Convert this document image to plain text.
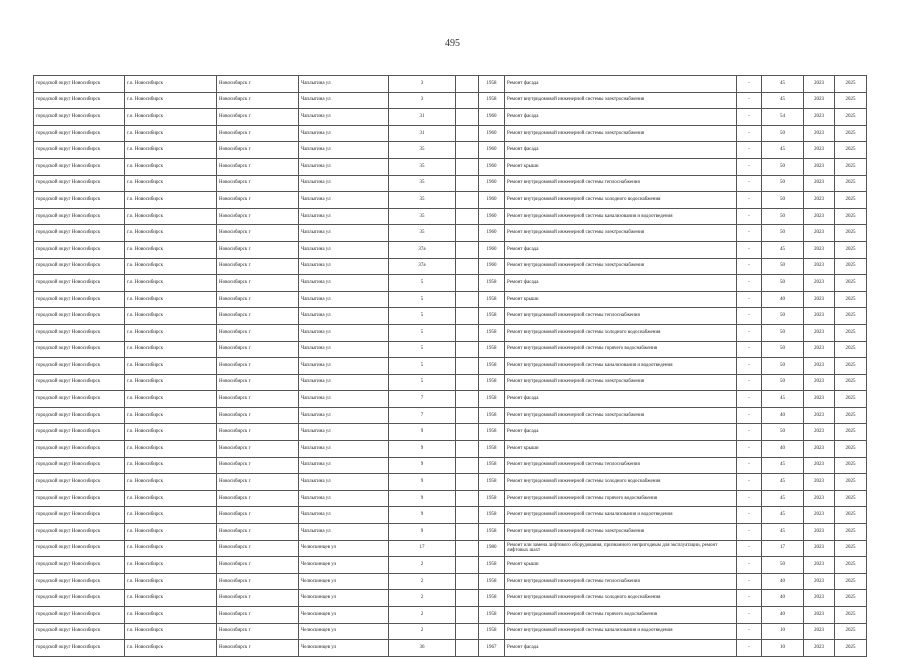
495
городской округ Новосибирск	г.о. Новосибирск	Новосибирск г	Чаплыгина ул	3		1958	Ремонт фасада	-	45	2023	2025
городской округ Новосибирск	г.о. Новосибирск	Новосибирск г	Чаплыгина ул	3		1958	Ремонт внутридомовой инженерной системы электроснабжения	-	45	2023	2025
городской округ Новосибирск	г.о. Новосибирск	Новосибирск г	Чаплыгина ул	31		1960	Ремонт фасада	-	54	2023	2025
городской округ Новосибирск	г.о. Новосибирск	Новосибирск г	Чаплыгина ул	31		1960	Ремонт внутридомовой инженерной системы электроснабжения	-	50	2023	2025
городской округ Новосибирск	г.о. Новосибирск	Новосибирск г	Чаплыгина ул	35		1960	Ремонт фасада	-	45	2023	2025
городской округ Новосибирск	г.о. Новосибирск	Новосибирск г	Чаплыгина ул	35		1960	Ремонт крыши	-	50	2023	2025
городской округ Новосибирск	г.о. Новосибирск	Новосибирск г	Чаплыгина ул	35		1960	Ремонт внутридомовой инженерной системы теплоснабжения	-	50	2023	2025
городской округ Новосибирск	г.о. Новосибирск	Новосибирск г	Чаплыгина ул	35		1960	Ремонт внутридомовой инженерной системы холодного водоснабжения	-	50	2023	2025
городской округ Новосибирск	г.о. Новосибирск	Новосибирск г	Чаплыгина ул	35		1960	Ремонт внутридомовой инженерной системы канализования и водоотведения	-	50	2023	2025
городской округ Новосибирск	г.о. Новосибирск	Новосибирск г	Чаплыгина ул	35		1960	Ремонт внутридомовой инженерной системы электроснабжения	-	50	2023	2025
городской округ Новосибирск	г.о. Новосибирск	Новосибирск г	Чаплыгина ул	37а		1960	Ремонт фасада	-	45	2023	2025
городской округ Новосибирск	г.о. Новосибирск	Новосибирск г	Чаплыгина ул	37а		1960	Ремонт внутридомовой инженерной системы электроснабжения	-	50	2023	2025
городской округ Новосибирск	г.о. Новосибирск	Новосибирск г	Чаплыгина ул	5		1958	Ремонт фасада	-	50	2023	2025
городской округ Новосибирск	г.о. Новосибирск	Новосибирск г	Чаплыгина ул	5		1958	Ремонт крыши	-	40	2023	2025
городской округ Новосибирск	г.о. Новосибирск	Новосибирск г	Чаплыгина ул	5		1958	Ремонт внутридомовой инженерной системы теплоснабжения	-	50	2023	2025
городской округ Новосибирск	г.о. Новосибирск	Новосибирск г	Чаплыгина ул	5		1958	Ремонт внутридомовой инженерной системы холодного водоснабжения	-	50	2023	2025
городской округ Новосибирск	г.о. Новосибирск	Новосибирск г	Чаплыгина ул	5		1958	Ремонт внутридомовой инженерной системы горячего водоснабжения	-	50	2023	2025
городской округ Новосибирск	г.о. Новосибирск	Новосибирск г	Чаплыгина ул	5		1958	Ремонт внутридомовой инженерной системы канализования и водоотведения	-	50	2023	2025
городской округ Новосибирск	г.о. Новосибирск	Новосибирск г	Чаплыгина ул	5		1958	Ремонт внутридомовой инженерной системы электроснабжения	-	50	2023	2025
городской округ Новосибирск	г.о. Новосибирск	Новосибирск г	Чаплыгина ул	7		1958	Ремонт фасада	-	45	2023	2025
городской округ Новосибирск	г.о. Новосибирск	Новосибирск г	Чаплыгина ул	7		1958	Ремонт внутридомовой инженерной системы электроснабжения	-	40	2023	2025
городской округ Новосибирск	г.о. Новосибирск	Новосибирск г	Чаплыгина ул	9		1958	Ремонт фасада	-	50	2023	2025
городской округ Новосибирск	г.о. Новосибирск	Новосибирск г	Чаплыгина ул	9		1958	Ремонт крыши	-	40	2023	2025
городской округ Новосибирск	г.о. Новосибирск	Новосибирск г	Чаплыгина ул	9		1958	Ремонт внутридомовой инженерной системы теплоснабжения	-	45	2023	2025
городской округ Новосибирск	г.о. Новосибирск	Новосибирск г	Чаплыгина ул	9		1958	Ремонт внутридомовой инженерной системы холодного водоснабжения	-	45	2023	2025
городской округ Новосибирск	г.о. Новосибирск	Новосибирск г	Чаплыгина ул	9		1958	Ремонт внутридомовой инженерной системы горячего водоснабжения	-	45	2023	2025
городской округ Новосибирск	г.о. Новосибирск	Новосибирск г	Чаплыгина ул	9		1958	Ремонт внутридомовой инженерной системы канализования и водоотведения	-	45	2023	2025
городской округ Новосибирск	г.о. Новосибирск	Новосибирск г	Чаплыгина ул	9		1958	Ремонт внутридомовой инженерной системы электроснабжения	-	45	2023	2025
городской округ Новосибирск	г.о. Новосибирск	Новосибирск г	Челюскинцев ул	17		1980	Ремонт или замена лифтового оборудования, признанного непригодным для эксплуатации, ремонт лифтовых шахт	-	17	2023	2025
городской округ Новосибирск	г.о. Новосибирск	Новосибирск г	Челюскинцев ул	2		1958	Ремонт крыши	-	50	2023	2025
городской округ Новосибирск	г.о. Новосибирск	Новосибирск г	Челюскинцев ул	2		1958	Ремонт внутридомовой инженерной системы теплоснабжения	-	40	2023	2025
городской округ Новосибирск	г.о. Новосибирск	Новосибирск г	Челюскинцев ул	2		1958	Ремонт внутридомовой инженерной системы холодного водоснабжения	-	40	2023	2025
городской округ Новосибирск	г.о. Новосибирск	Новосибирск г	Челюскинцев ул	2		1958	Ремонт внутридомовой инженерной системы горячего водоснабжения	-	40	2023	2025
городской округ Новосибирск	г.о. Новосибирск	Новосибирск г	Челюскинцев ул	2		1958	Ремонт внутридомовой инженерной системы канализования и водоотведения	-	10	2023	2025
городской округ Новосибирск	г.о. Новосибирск	Новосибирск г	Челюскинцев ул	36		1967	Ремонт фасада	-	10	2023	2025
